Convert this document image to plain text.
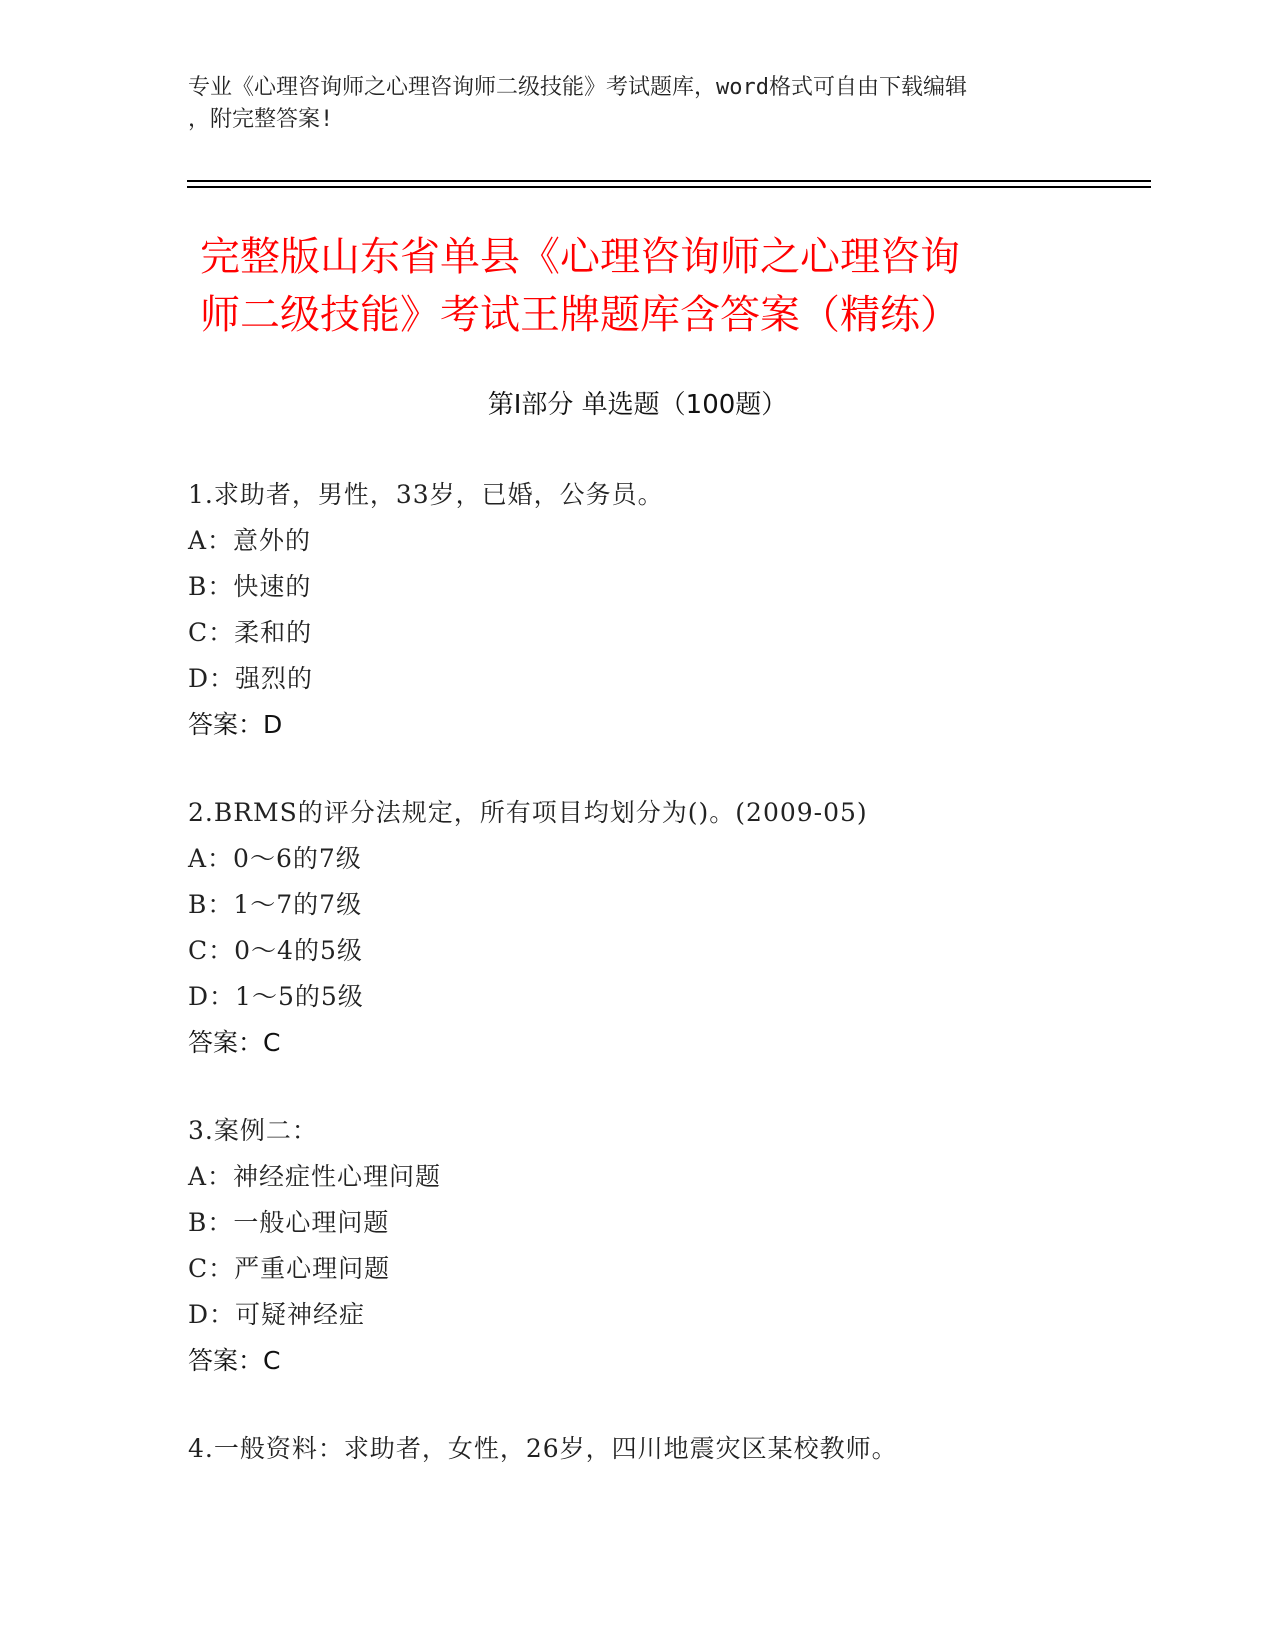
专业《心理咨询师之心理咨询师二级技能》考试题库，word格式可自由下载编辑
，附完整答案!
完整版山东省单县《心理咨询师之心理咨询
师二级技能》考试王牌题库含答案（精练）
第Ⅰ部分 单选题（100题）
1.求助者，男性，33岁，已婚，公务员。
A：意外的
B：快速的
C：柔和的
D：强烈的
答案：D
2.BRMS的评分法规定，所有项目均划分为()。(2009-05)
A：0～6的7级
B：1～7的7级
C：0～4的5级
D：1～5的5级
答案：C
3.案例二：
A：神经症性心理问题
B：一般心理问题
C：严重心理问题
D：可疑神经症
答案：C
4.一般资料：求助者，女性，26岁，四川地震灾区某校教师。
